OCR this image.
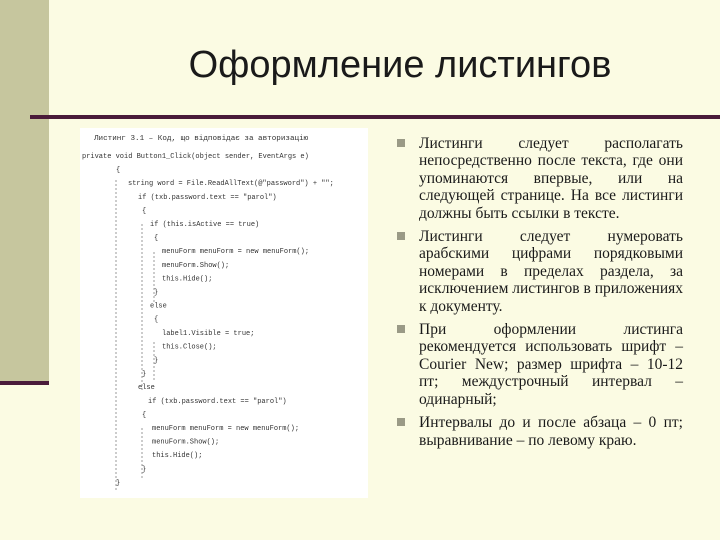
Оформление листингов
Листинг 3.1 – Код, що відповідає за авторизацію
private void Button1_Click(object sender, EventArgs e)
{
string word = File.ReadAllText(@"password") + "";
if (txb.password.text == "parol")
{
if (this.isActive == true)
{
menuForm menuForm = new menuForm();
menuForm.Show();
this.Hide();
}
else
{
label1.Visible = true;
this.Close();
}
}
else
if (txb.password.text == "parol")
{
menuForm menuForm = new menuForm();
menuForm.Show();
this.Hide();
}
}
Листинги следует располагать непосредственно после текста, где они упоминаются впервые, или на следующей странице. На все листинги должны быть ссылки в тексте.
Листинги следует нумеровать арабскими цифрами порядковыми номерами в пределах раздела, за исключением листингов в приложениях к документу.
При оформлении листинга рекомендуется использовать шрифт – Courier New; размер шрифта – 10-12 пт; междустрочный интервал – одинарный;
Интервалы до и после абзаца – 0 пт; выравнивание – по левому краю.
